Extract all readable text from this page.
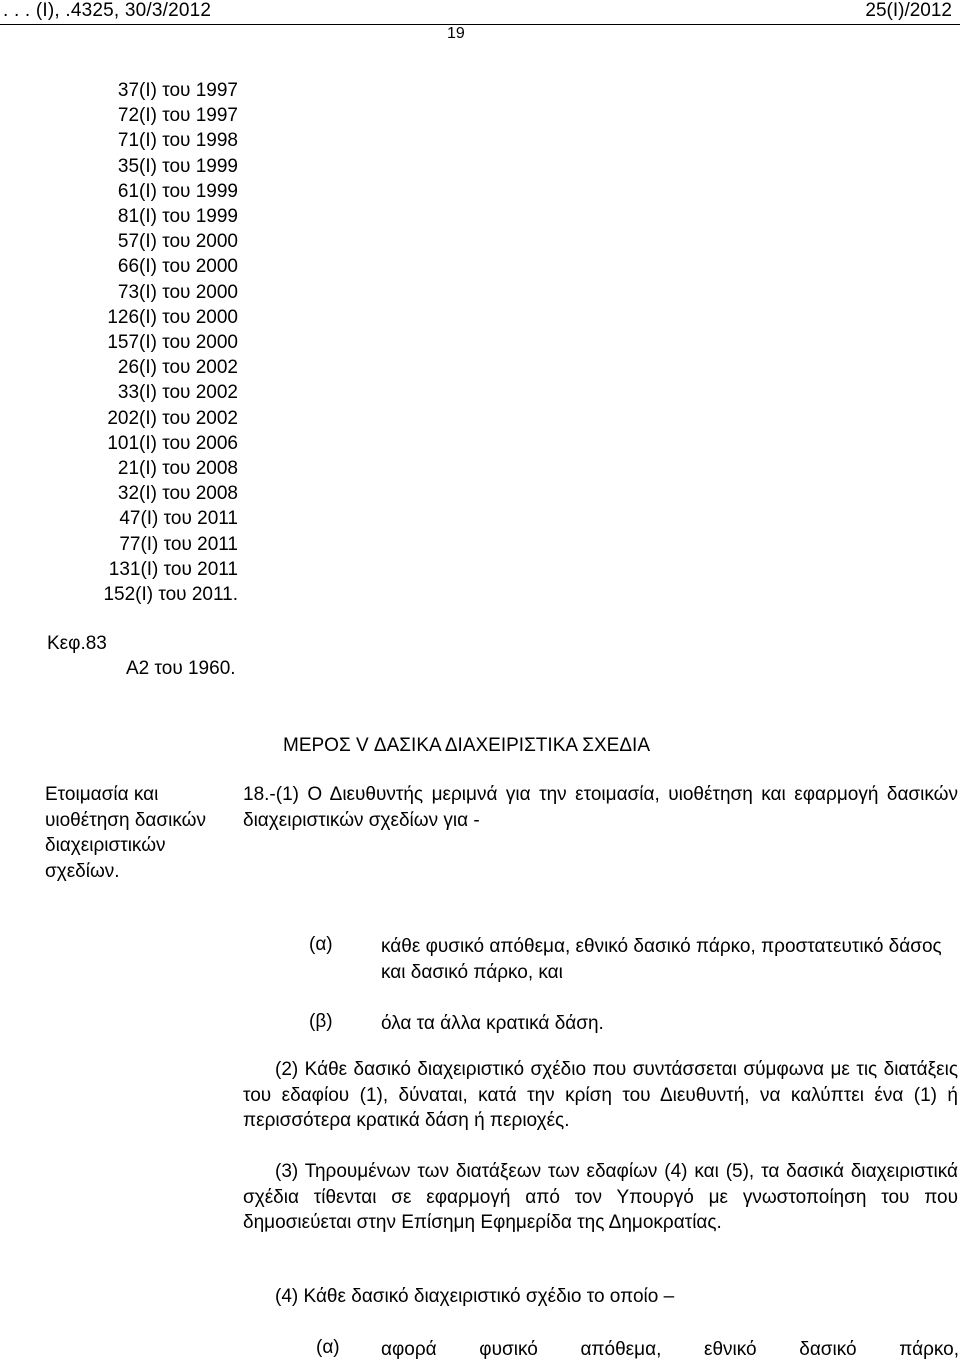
. . . (Ι), .4325, 30/3/2012	25(Ι)/2012
19
37(Ι) του 1997
72(Ι) του 1997
71(Ι) του 1998
35(Ι) του 1999
61(Ι) του 1999
81(Ι) του 1999
57(Ι) του 2000
66(Ι) του 2000
73(Ι) του 2000
126(Ι) του 2000
157(Ι) του 2000
26(Ι) του 2002
33(Ι) του 2002
202(Ι) του 2002
101(Ι) του 2006
21(Ι) του 2008
32(Ι) του 2008
47(Ι) του 2011
77(Ι) του 2011
131(Ι) του 2011
152(Ι) του 2011.
Κεφ.83
Α2 του 1960.
ΜΕΡΟΣ V ΔΑΣΙΚΑ ΔΙΑΧΕΙΡΙΣΤΙΚΑ ΣΧΕΔΙΑ
Ετοιμασία και υιοθέτηση δασικών διαχειριστικών σχεδίων.
18.-(1) Ο Διευθυντής μεριμνά για την ετοιμασία, υιοθέτηση και εφαρμογή δασικών διαχειριστικών σχεδίων για -
(α)	κάθε φυσικό απόθεμα, εθνικό δασικό πάρκο, προστατευτικό δάσος και δασικό πάρκο, και
(β)	όλα τα άλλα κρατικά δάση.
(2) Κάθε δασικό διαχειριστικό σχέδιο που συντάσσεται σύμφωνα με τις διατάξεις του εδαφίου (1), δύναται, κατά την κρίση του Διευθυντή, να καλύπτει ένα (1) ή περισσότερα κρατικά δάση ή περιοχές.
(3) Τηρουμένων των διατάξεων των εδαφίων (4) και (5), τα δασικά διαχειριστικά σχέδια τίθενται σε εφαρμογή από τον Υπουργό με γνωστοποίηση του που δημοσιεύεται στην Επίσημη Εφημερίδα της Δημοκρατίας.
(4) Κάθε δασικό διαχειριστικό σχέδιο το οποίο –
(α) αφορά φυσικό απόθεμα, εθνικό δασικό πάρκο,
